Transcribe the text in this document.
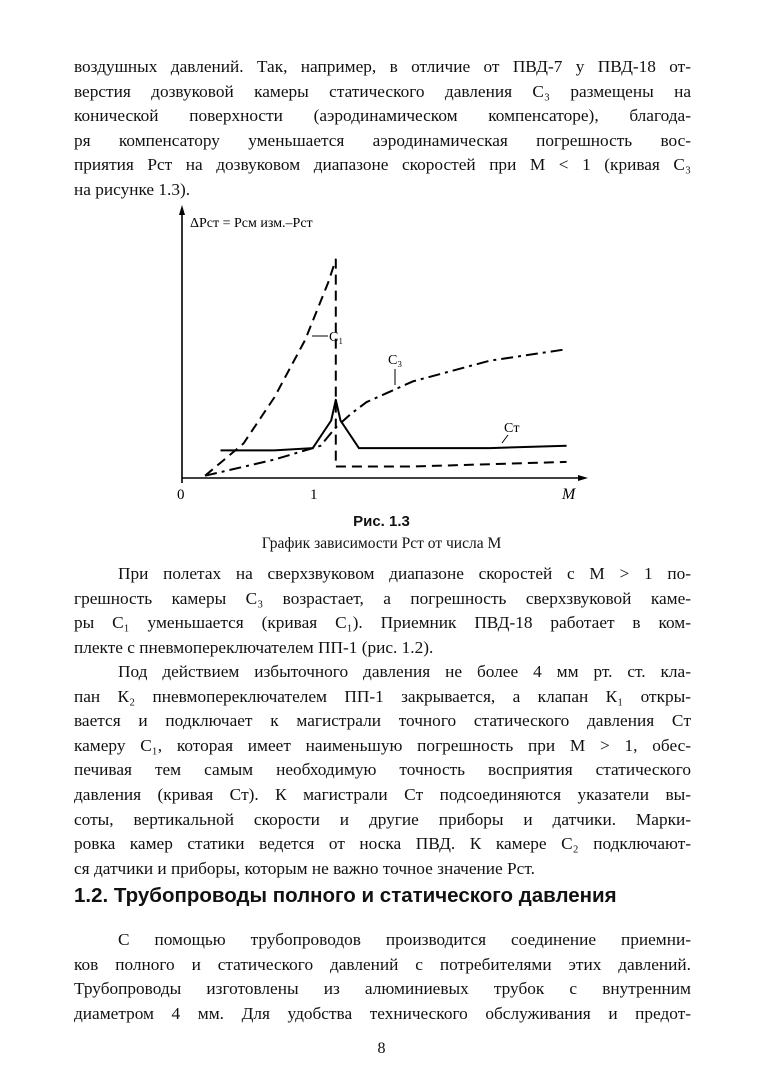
воздушных давлений. Так, например, в отличие от ПВД-7 у ПВД-18 от-
верстия дозвуковой камеры статического давления С₃ размещены на
конической поверхности (аэродинамическом компенсаторе), благода-
ря компенсатору уменьшается аэродинамическая погрешность вос-
приятия Pст на дозвуковом диапазоне скоростей при M < 1 (кривая С₃
на рисунке 1.3).
ΔPст = Pсм изм.–Pст
M
0	1
C₁
C₃
Cт
Рис. 1.3
График зависимости Pст от числа M
При полетах на сверхзвуковом диапазоне скоростей с M > 1 по-
грешность камеры С₃ возрастает, а погрешность сверхзвуковой каме-
ры С₁ уменьшается (кривая С₁). Приемник ПВД-18 работает в ком-
плекте с пневмопереключателем ПП-1 (рис. 1.2).
Под действием избыточного давления не более 4 мм рт. ст. кла-
пан К₂ пневмопереключателем ПП-1 закрывается, а клапан К₁ откры-
вается и подключает к магистрали точного статического давления Cт
камеру С₁, которая имеет наименьшую погрешность при M > 1, обес-
печивая тем самым необходимую точность восприятия статического
давления (кривая Cт). К магистрали Cт подсоединяются указатели вы-
соты, вертикальной скорости и другие приборы и датчики. Марки-
ровка камер статики ведется от носка ПВД. К камере С₂ подключают-
ся датчики и приборы, которым не важно точное значение Pст.
1.2. Трубопроводы полного и статического давления
С помощью трубопроводов производится соединение приемни-
ков полного и статического давлений с потребителями этих давлений.
Трубопроводы изготовлены из алюминиевых трубок с внутренним
диаметром 4 мм. Для удобства технического обслуживания и предот-
8
